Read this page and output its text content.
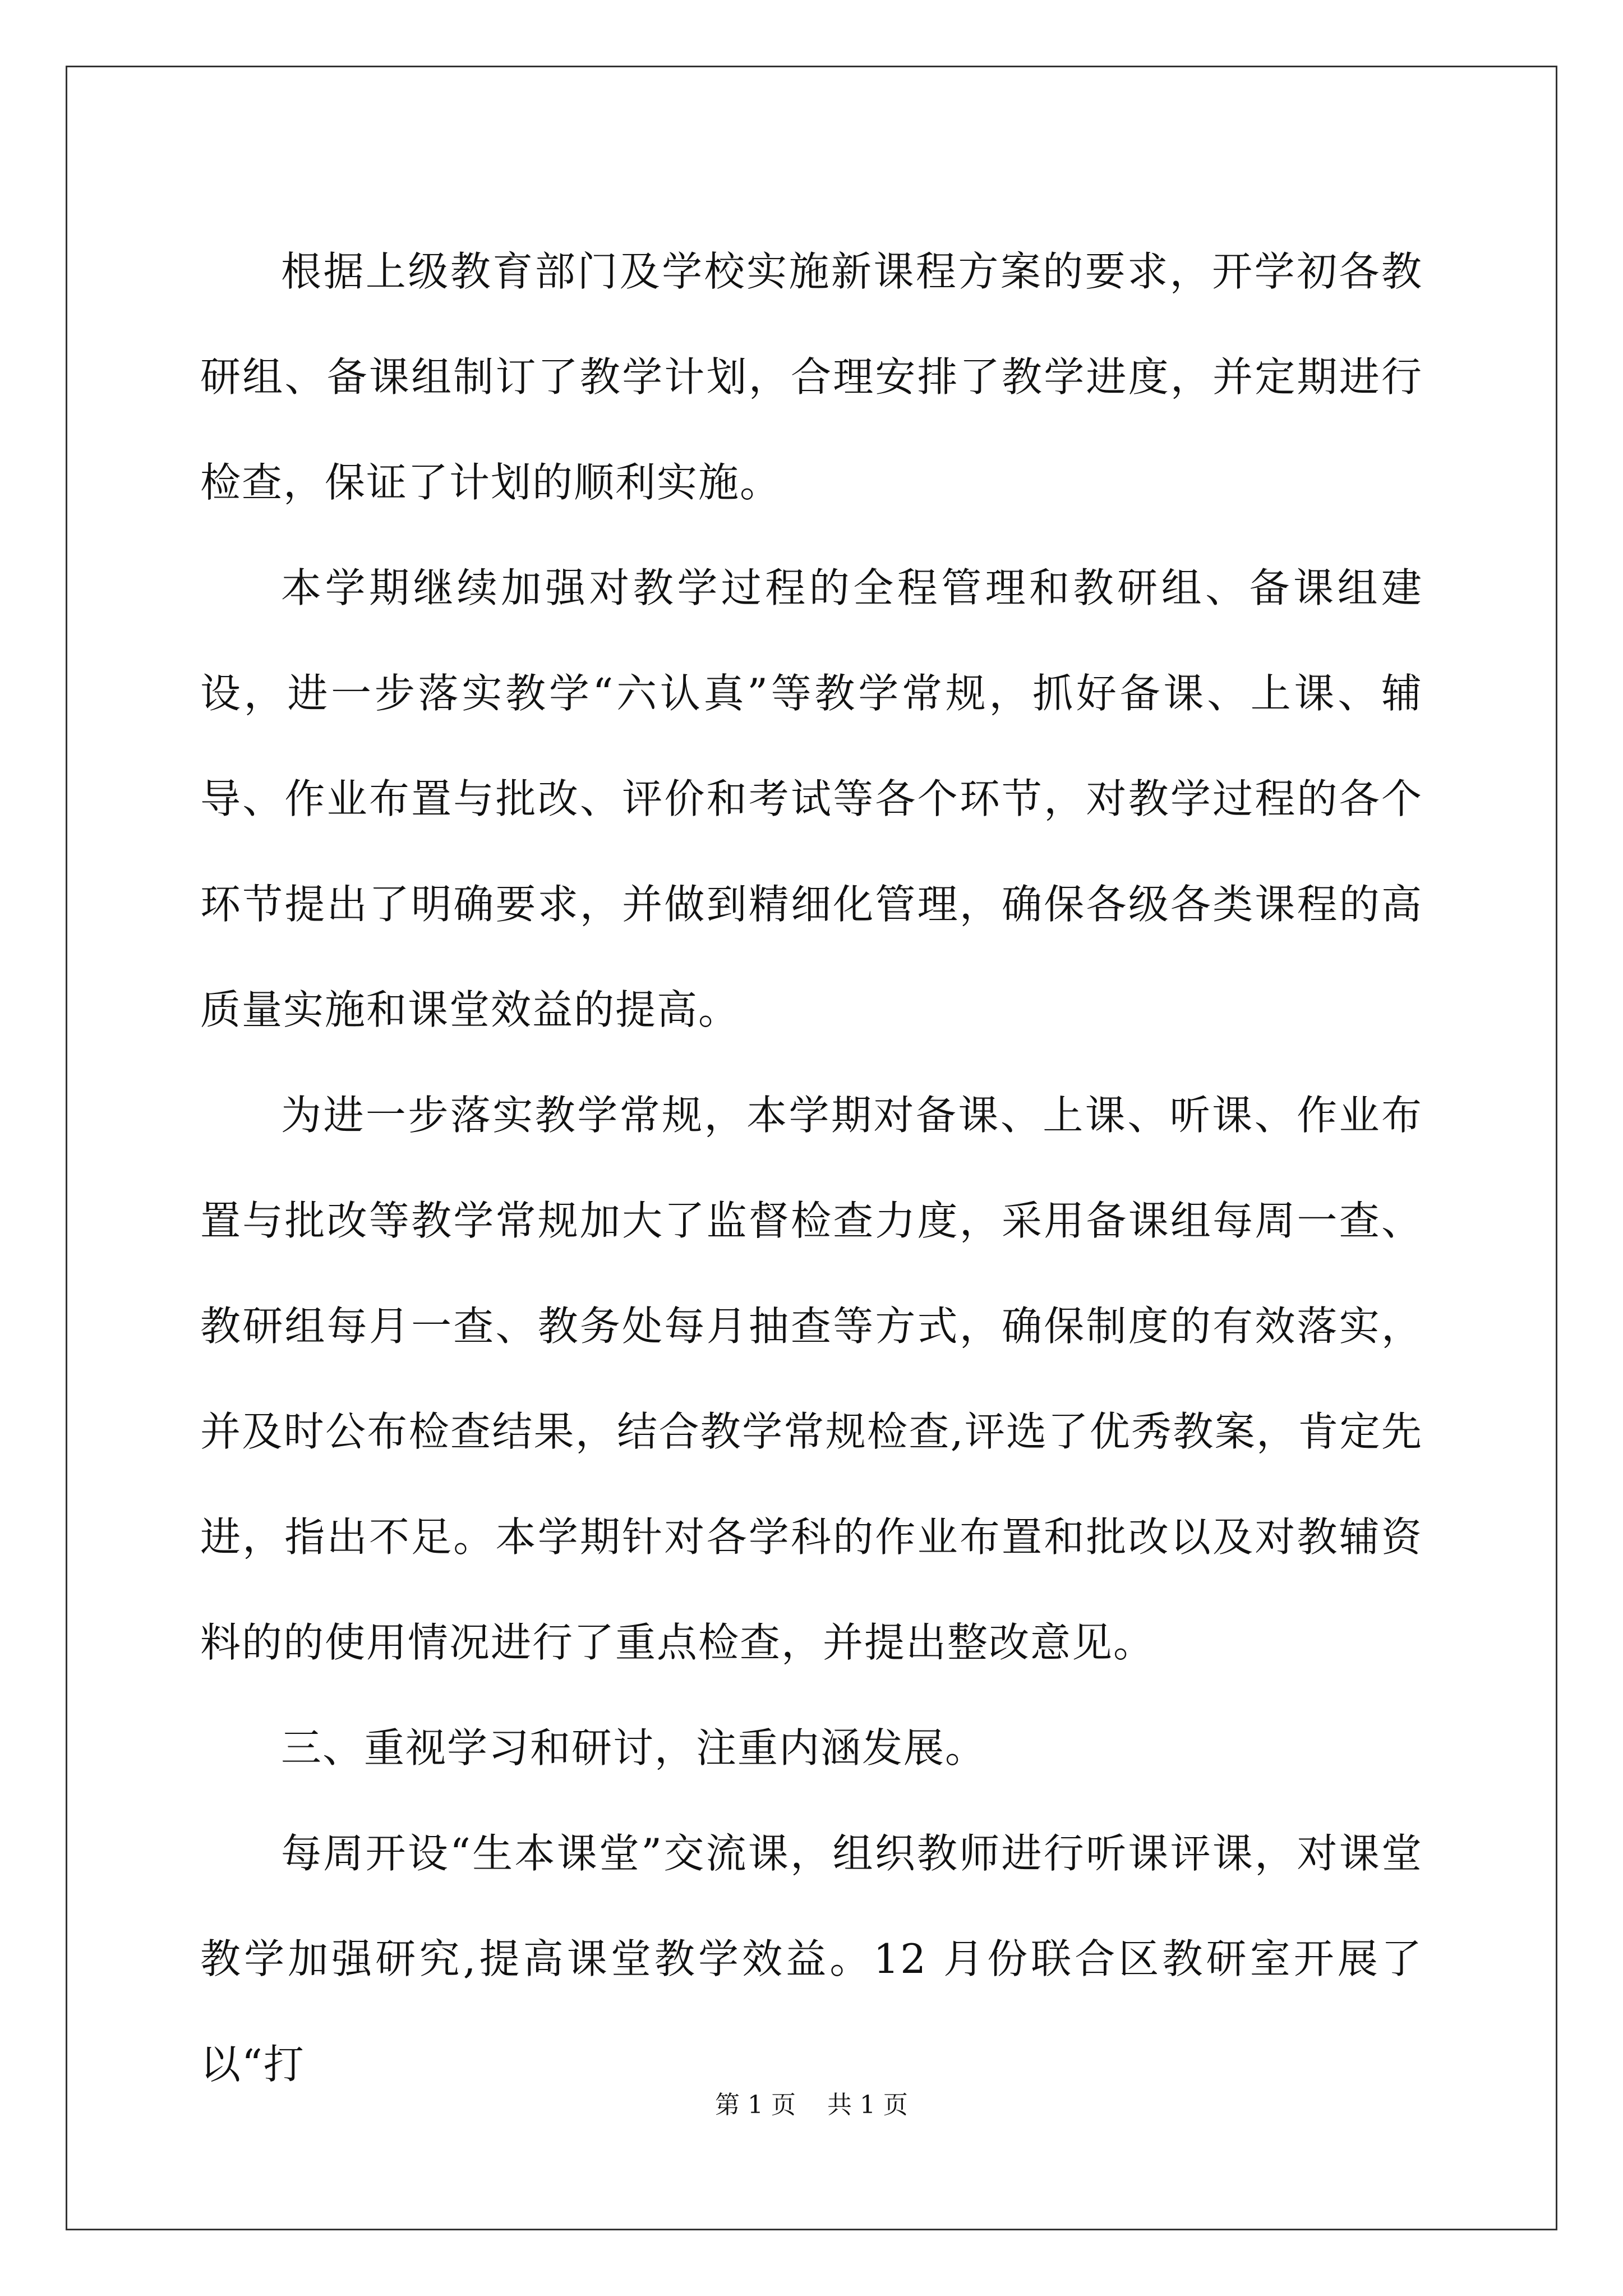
根据上级教育部门及学校实施新课程方案的要求，开学初各教研组、备课组制订了教学计划，合理安排了教学进度，并定期进行检查，保证了计划的顺利实施。

本学期继续加强对教学过程的全程管理和教研组、备课组建设，进一步落实教学“六认真”等教学常规，抓好备课、上课、辅导、作业布置与批改、评价和考试等各个环节，对教学过程的各个环节提出了明确要求，并做到精细化管理，确保各级各类课程的高质量实施和课堂效益的提高。

为进一步落实教学常规，本学期对备课、上课、听课、作业布置与批改等教学常规加大了监督检查力度，采用备课组每周一查、教研组每月一查、教务处每月抽查等方式，确保制度的有效落实，并及时公布检查结果，结合教学常规检查,评选了优秀教案，肯定先进，指出不足。本学期针对各学科的作业布置和批改以及对教辅资料的的使用情况进行了重点检查，并提出整改意见。

三、重视学习和研讨，注重内涵发展。

每周开设“生本课堂”交流课，组织教师进行听课评课，对课堂教学加强研究,提高课堂教学效益。12 月份联合区教研室开展了以“打

第 1 页    共 1 页
